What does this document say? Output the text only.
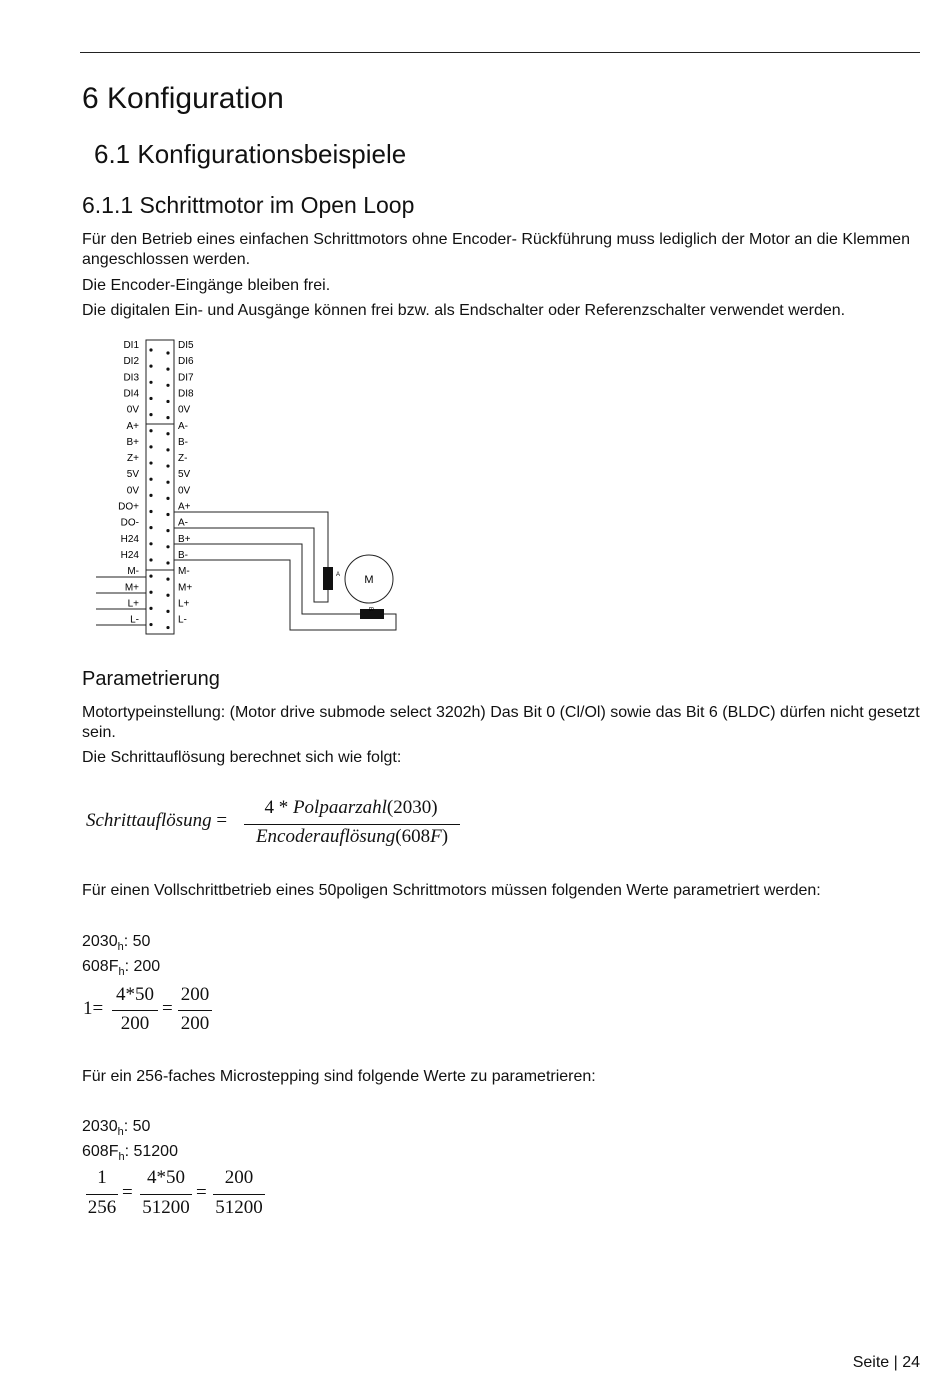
6 Konfiguration
6.1 Konfigurationsbeispiele
6.1.1 Schrittmotor im Open Loop
Für den Betrieb eines einfachen Schrittmotors ohne Encoder- Rückführung muss lediglich der Motor an die Klemmen angeschlossen werden.
Die Encoder-Eingänge bleiben frei.
Die digitalen Ein- und Ausgänge können frei bzw. als Endschalter oder Referenzschalter verwendet werden.
DI1
DI2
DI3
DI4
0V
A+
B+
Z+
5V
0V
DO+
DO-
H24
H24
M-
M+
L+
L-
DI5
DI6
DI7
DI8
0V
A-
B-
Z-
5V
0V
A+
A-
B+
B-
M-
M+
L+
L-
A
B
M
Parametrierung
Motortypeinstellung: (Motor drive submode select 3202h) Das Bit 0 (Cl/Ol) sowie das Bit 6 (BLDC) dürfen nicht gesetzt sein.
Die Schrittauflösung berechnet sich wie folgt:
Schrittauflösung =
4 * Polpaarzahl(2030)
Encoderauflösung(608F)
Für einen Vollschrittbetrieb eines 50poligen Schrittmotors müssen folgenden Werte parametriert werden:
$2030_h$: 50
$608F_h$: 200
1=
4*50
200
=
200
200
Für ein 256-faches Microstepping sind folgende Werte zu parametrieren:
$2030_h$: 50
$608F_h$: 51200
1
256
=
4*50
51200
=
200
51200
Seite | 24
